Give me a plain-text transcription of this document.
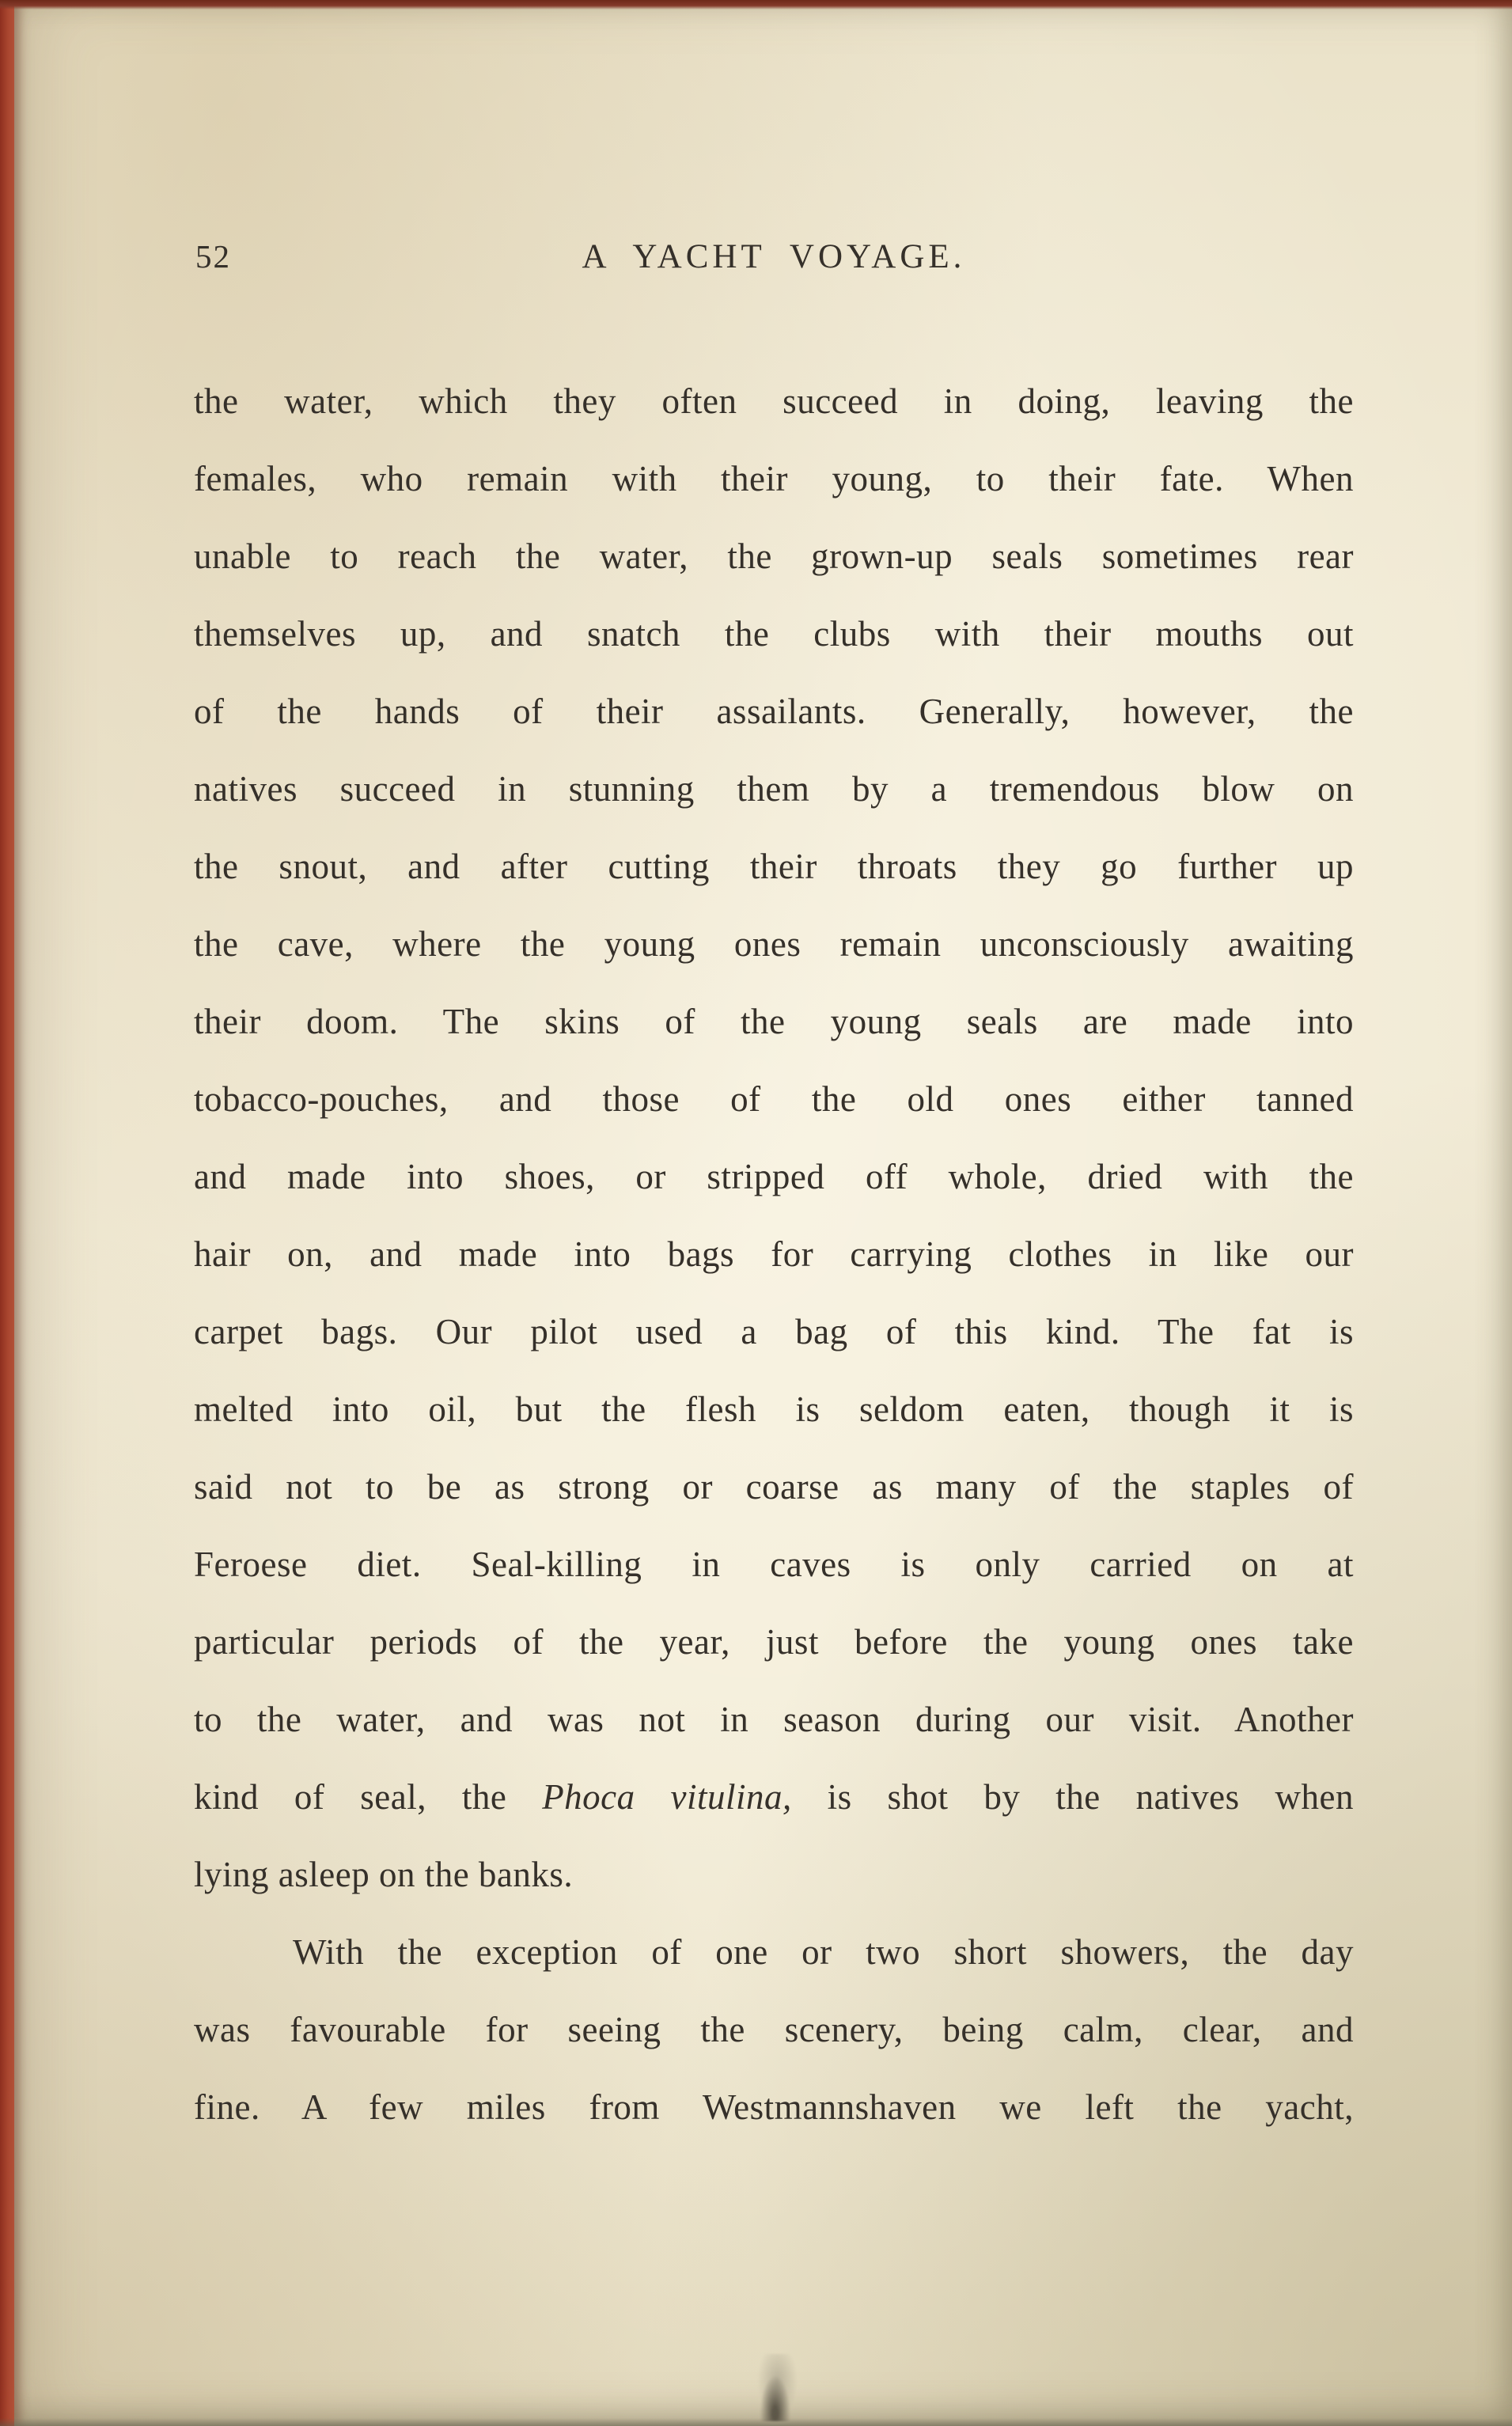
52	A YACHT VOYAGE.
the water, which they often succeed in doing, leaving the
females, who remain with their young, to their fate. When
unable to reach the water, the grown-up seals sometimes rear
themselves up, and snatch the clubs with their mouths out
of the hands of their assailants. Generally, however, the
natives succeed in stunning them by a tremendous blow on
the snout, and after cutting their throats they go further up
the cave, where the young ones remain unconsciously awaiting
their doom. The skins of the young seals are made into
tobacco-pouches, and those of the old ones either tanned
and made into shoes, or stripped off whole, dried with the
hair on, and made into bags for carrying clothes in like our
carpet bags. Our pilot used a bag of this kind. The fat is
melted into oil, but the flesh is seldom eaten, though it is
said not to be as strong or coarse as many of the staples of
Feroese diet. Seal-killing in caves is only carried on at
particular periods of the year, just before the young ones take
to the water, and was not in season during our visit. Another
kind of seal, the Phoca vitulina, is shot by the natives when
lying asleep on the banks.
With the exception of one or two short showers, the day
was favourable for seeing the scenery, being calm, clear, and
fine. A few miles from Westmannshaven we left the yacht,
